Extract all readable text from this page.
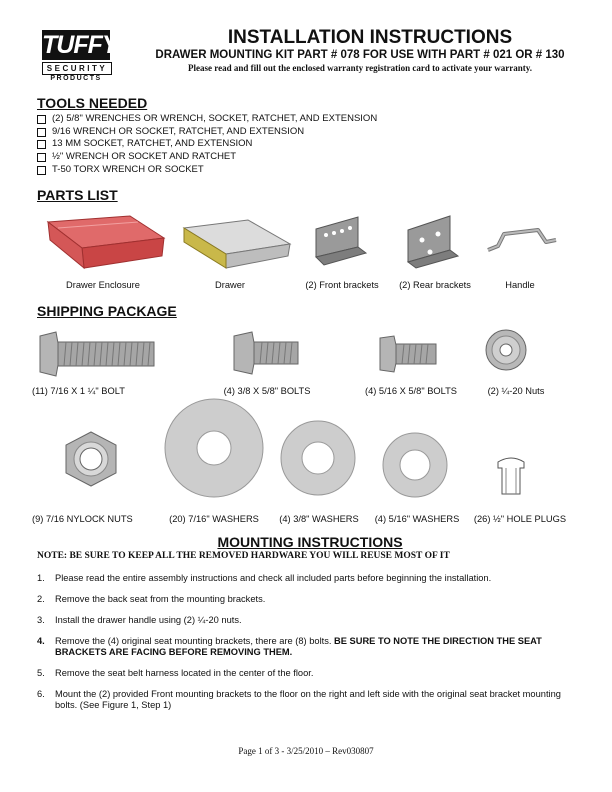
TUFFY
SECURITY
PRODUCTS
INSTALLATION INSTRUCTIONS
DRAWER MOUNTING KIT PART # 078 FOR USE WITH PART # 021 OR # 130
Please read and fill out the enclosed warranty registration card to activate your warranty.
TOOLS NEEDED
(2) 5/8" WRENCHES OR WRENCH, SOCKET, RATCHET, AND EXTENSION
9/16 WRENCH OR SOCKET, RATCHET, AND EXTENSION
13 MM SOCKET, RATCHET, AND EXTENSION
½" WRENCH OR SOCKET AND RATCHET
T-50 TORX WRENCH OR SOCKET
PARTS LIST
Drawer Enclosure	Drawer	(2) Front brackets	(2) Rear brackets	Handle
SHIPPING PACKAGE
(11) 7/16 X 1 ¼" BOLT	(4) 3/8 X 5/8" BOLTS	(4) 5/16 X 5/8" BOLTS	(2) ¼-20 Nuts
(9) 7/16 NYLOCK NUTS	(20) 7/16" WASHERS	(4) 3/8" WASHERS	(4) 5/16" WASHERS	(26) ½" HOLE PLUGS
MOUNTING INSTRUCTIONS
NOTE: BE SURE TO KEEP ALL THE REMOVED HARDWARE YOU WILL REUSE MOST OF IT
1.	Please read the entire assembly instructions and check all included parts before beginning the installation.
2.	Remove the back seat from the mounting brackets.
3.	Install the drawer handle using (2) ¼-20 nuts.
4.	Remove the (4) original seat mounting brackets, there are (8) bolts. BE SURE TO NOTE THE DIRECTION THE SEAT BRACKETS ARE FACING BEFORE REMOVING THEM.
5.	Remove the seat belt harness located in the center of the floor.
6.	Mount the (2) provided Front mounting brackets to the floor on the right and left side with the original seat bracket mounting bolts. (See Figure 1, Step 1)
Page 1 of 3 - 3/25/2010 – Rev030807
